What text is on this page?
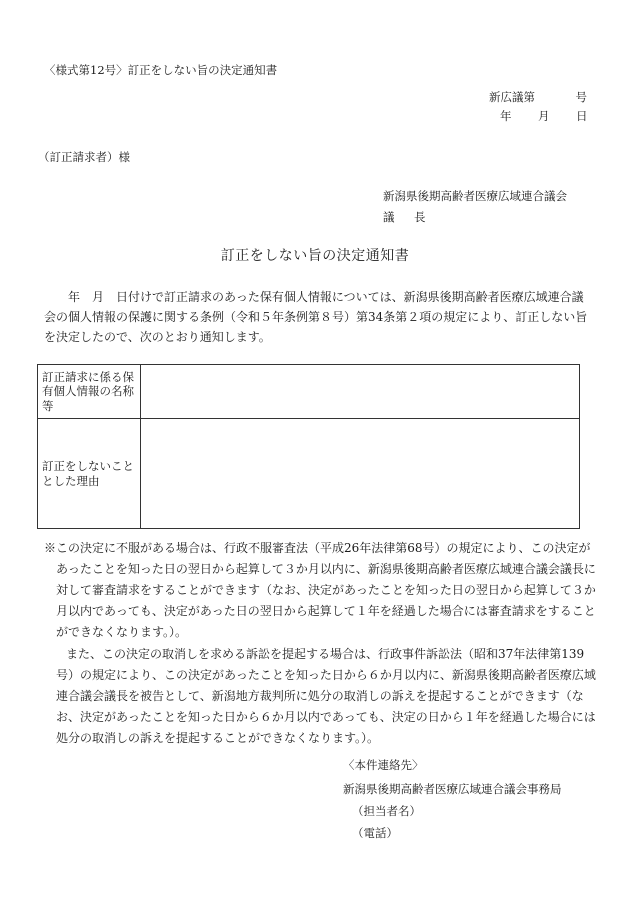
〈様式第12号〉訂正をしない旨の決定通知書
新広議第	号
年 月 日
（訂正請求者）様
新潟県後期高齢者医療広域連合議会
議　長
訂正をしない旨の決定通知書
年　月　日付けで訂正請求のあった保有個人情報については、新潟県後期高齢者医療広域連合議会の個人情報の保護に関する条例（令和５年条例第８号）第34条第２項の規定により、訂正しない旨を決定したので、次のとおり通知します。
訂正請求に係る保有個人情報の名称等	
訂正をしないこととした理由	
※この決定に不服がある場合は、行政不服審査法（平成26年法律第68号）の規定により、この決定があったことを知った日の翌日から起算して３か月以内に、新潟県後期高齢者医療広域連合議会議長に対して審査請求をすることができます（なお、決定があったことを知った日の翌日から起算して３か月以内であっても、決定があった日の翌日から起算して１年を経過した場合には審査請求をすることができなくなります。）。
また、この決定の取消しを求める訴訟を提起する場合は、行政事件訴訟法（昭和37年法律第139号）の規定により、この決定があったことを知った日から６か月以内に、新潟県後期高齢者医療広域連合議会議長を被告として、新潟地方裁判所に処分の取消しの訴えを提起することができます（なお、決定があったことを知った日から６か月以内であっても、決定の日から１年を経過した場合には処分の取消しの訴えを提起することができなくなります。）。
〈本件連絡先〉
新潟県後期高齢者医療広域連合議会事務局
（担当者名）
（電話）
